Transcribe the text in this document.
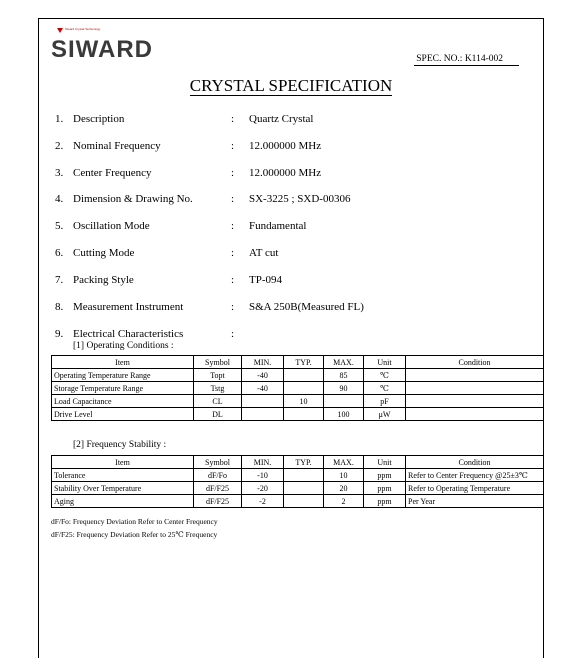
Siward Crystal Technology
SIWARD	SPEC. NO.: K114-002
CRYSTAL SPECIFICATION
1. Description	: Quartz Crystal
2. Nominal Frequency	: 12.000000 MHz
3. Center Frequency	: 12.000000 MHz
4. Dimension & Drawing No.	: SX-3225 ; SXD-00306
5. Oscillation Mode	: Fundamental
6. Cutting Mode	: AT cut
7. Packing Style	: TP-094
8. Measurement Instrument	: S&A 250B(Measured FL)
9. Electrical Characteristics	:
[1] Operating Conditions :
Item	Symbol	MIN.	TYP.	MAX.	Unit	Condition
Operating Temperature Range	Topt	-40		85	℃	
Storage Temperature Range	Tstg	-40		90	℃	
Load Capacitance	CL		10		pF	
Drive Level	DL			100	μW	
[2] Frequency Stability :
Item	Symbol	MIN.	TYP.	MAX.	Unit	Condition
Tolerance	dF/Fo	-10		10	ppm	Refer to Center Frequency @25±3℃
Stability Over Temperature	dF/F25	-20		20	ppm	Refer to Operating Temperature
Aging	dF/F25	-2		2	ppm	Per Year
dF/Fo: Frequency Deviation Refer to Center Frequency
dF/F25: Frequency Deviation Refer to 25℃ Frequency
